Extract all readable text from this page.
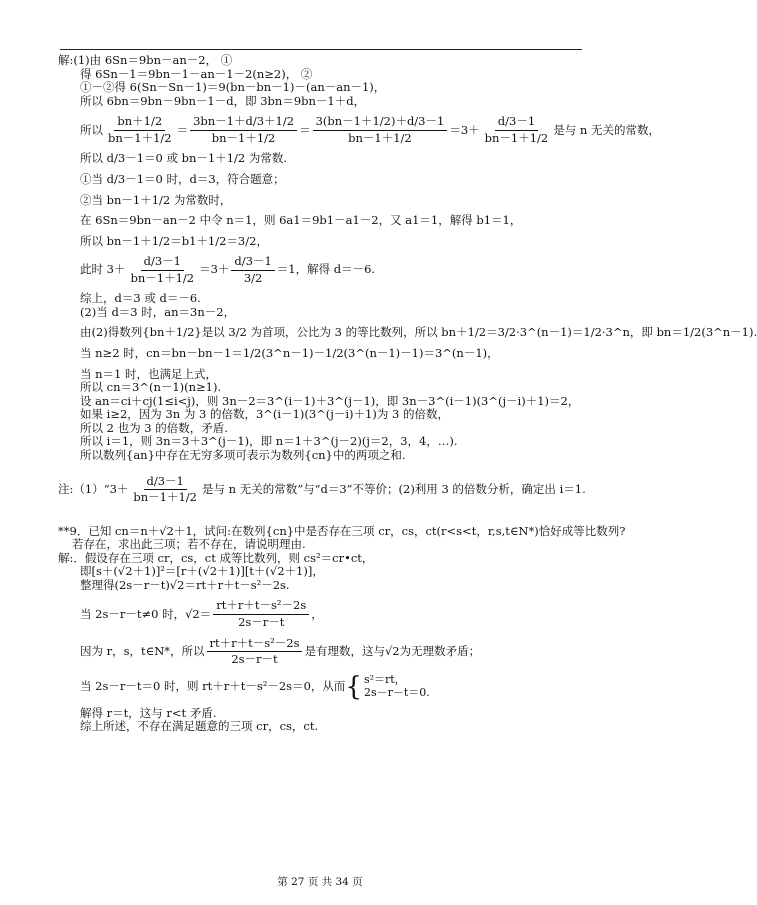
解:(1)由 6Sn＝9bn－an－2， ①

得 6Sn－1＝9bn－1－an－1－2(n≥2)， ②

①－②得 6(Sn－Sn－1)＝9(bn－bn－1)－(an－an－1)，

所以 6bn＝9bn－9bn－1－d，即 3bn＝9bn－1＋d，

所以 $\frac{bn+1/2}{bn-1+1/2} = \frac{3bn-1+d/3+1/2}{bn-1+1/2} = \frac{3(bn-1+1/2)+d/3-1}{bn-1+1/2} =3+ \frac{d/3-1}{bn-1+1/2}$ 是与 n 无关的常数，

所以 d/3－1＝0 或 bn－1＋1/2 为常数.

①当 d/3－1＝0 时，d＝3，符合题意；

②当 bn－1＋1/2 为常数时，

在 6Sn＝9bn－an－2 中令 n＝1，则 6a1＝9b1－a1－2，又 a1＝1，解得 b1＝1，

所以 bn－1＋1/2＝b1＋1/2＝3/2，

此时 $3+ \frac{d/3-1}{bn-1+1/2} =3+ \frac{d/3-1}{3/2} =1$，解得 d＝－6.

综上，d＝3 或 d＝－6.

(2)当 d＝3 时，an＝3n－2，

由(2)得数列{bn＋1/2}是以 3/2 为首项，公比为 3 的等比数列，所以 bn＋1/2＝3/2·3^(n－1)＝1/2·3^n，即 bn＝1/2(3^n－1).

当 n≥2 时，cn＝bn－bn－1＝1/2(3^n－1)－1/2(3^(n－1)－1)＝3^(n－1)，

当 n＝1 时，也满足上式，

所以 cn＝3^(n－1)(n≥1).

设 an＝ci＋cj(1≤i<j)，则 3n－2＝3^(i－1)＋3^(j－1)，即 3n－3^(i－1)(3^(j－i)＋1)＝2，

如果 i≥2，因为 3n 为 3 的倍数，3^(i－1)(3^(j－i)＋1)为 3 的倍数，

所以 2 也为 3 的倍数，矛盾.

所以 i＝1，则 3n＝3＋3^(j－1)，即 n＝1＋3^(j－2)(j＝2，3，4，…).

所以数列{an}中存在无穷多项可表示为数列{cn}中的两项之和.

注:（1）“3＋ $\frac{d/3-1}{bn-1+1/2}$ 是与 n 无关的常数”与“d＝3”不等价；(2)利用 3 的倍数分析，确定出 i＝1.

**9．已知 cn＝n＋√2＋1，试问:在数列{cn}中是否存在三项 cr，cs，ct(r<s<t，r,s,t∈N*)恰好成等比数列?

若存在，求出此三项；若不存在，请说明理由.

解:．假设存在三项 cr，cs，ct 成等比数列，则 cs²＝cr•ct，

即[s＋(√2＋1)]²＝[r＋(√2＋1)][t＋(√2＋1)]，

整理得(2s－r－t)√2＝rt＋r＋t－s²－2s.

当 2s－r－t≠0 时，$√2= \frac{\text{rt＋r＋t－s²－2s}}{2s-r-t}$ ，
因为 r，s，t∈N*，所以 $\frac{\text{rt＋r＋t－s²－2s}}{2s-r-t}$ 是有理数，这与√2为无理数矛盾；
当 2s－r－t＝0 时，则 rt＋r＋t－s²－2s＝0，从而 { s²＝rt，
2s－r－t＝0.

解得 r＝t，这与 r<t 矛盾.

综上所述，不存在满足题意的三项 cr，cs，ct.

第 27 页 共 34 页
